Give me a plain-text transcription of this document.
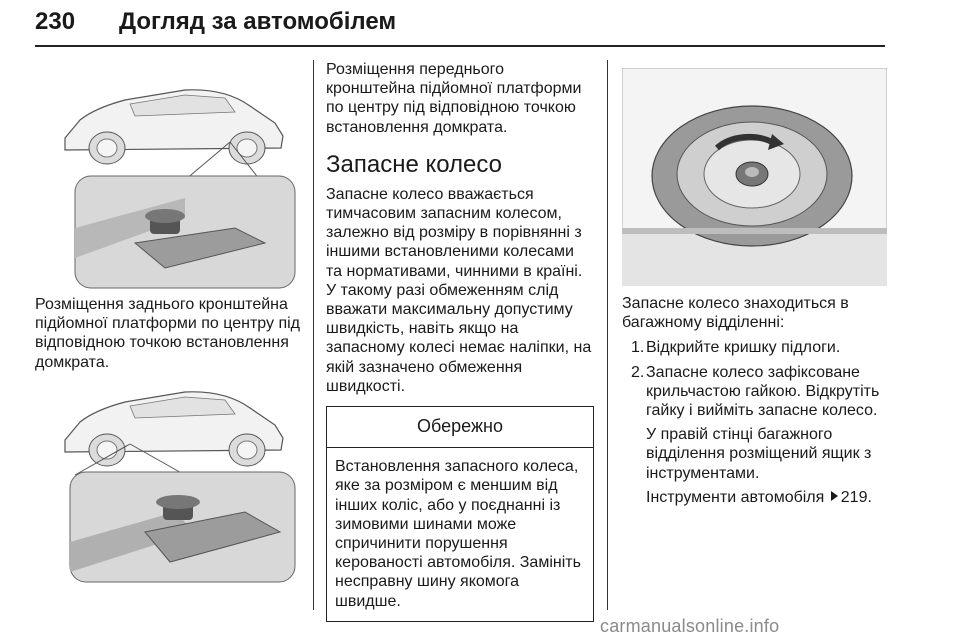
230 Догляд за автомобілем
Розміщення заднього кронштейна підйомної платформи по центру під відповідною точкою встановлення домкрата.

Розміщення переднього кронштейна підйомної платформи по центру під відповідною точкою встановлення домкрата.

Запасне колесо

Запасне колесо вважається тимчасовим запасним колесом, залежно від розміру в порівнянні з іншими встановленими колесами та нормативами, чинними в країні. У такому разі обмеженням слід вважати максимальну допустиму швидкість, навіть якщо на запасному колесі немає наліпки, на якій зазначено обмеження швидкості.

Обережно
Встановлення запасного колеса, яке за розміром є меншим від інших коліс, або у поєднанні із зимовими шинами може спричинити порушення керованості автомобіля. Замініть несправну шину якомога швидше.
Запасне колесо знаходиться в багажному відділенні:
1. Відкрийте кришку підлоги.
2. Запасне колесо зафіксоване крильчастою гайкою. Відкрутіть гайку і вийміть запасне колесо.

У правій стінці багажного відділення розміщений ящик з інструментами.

Інструменти автомобіля 219.

carmanualsonline.info
